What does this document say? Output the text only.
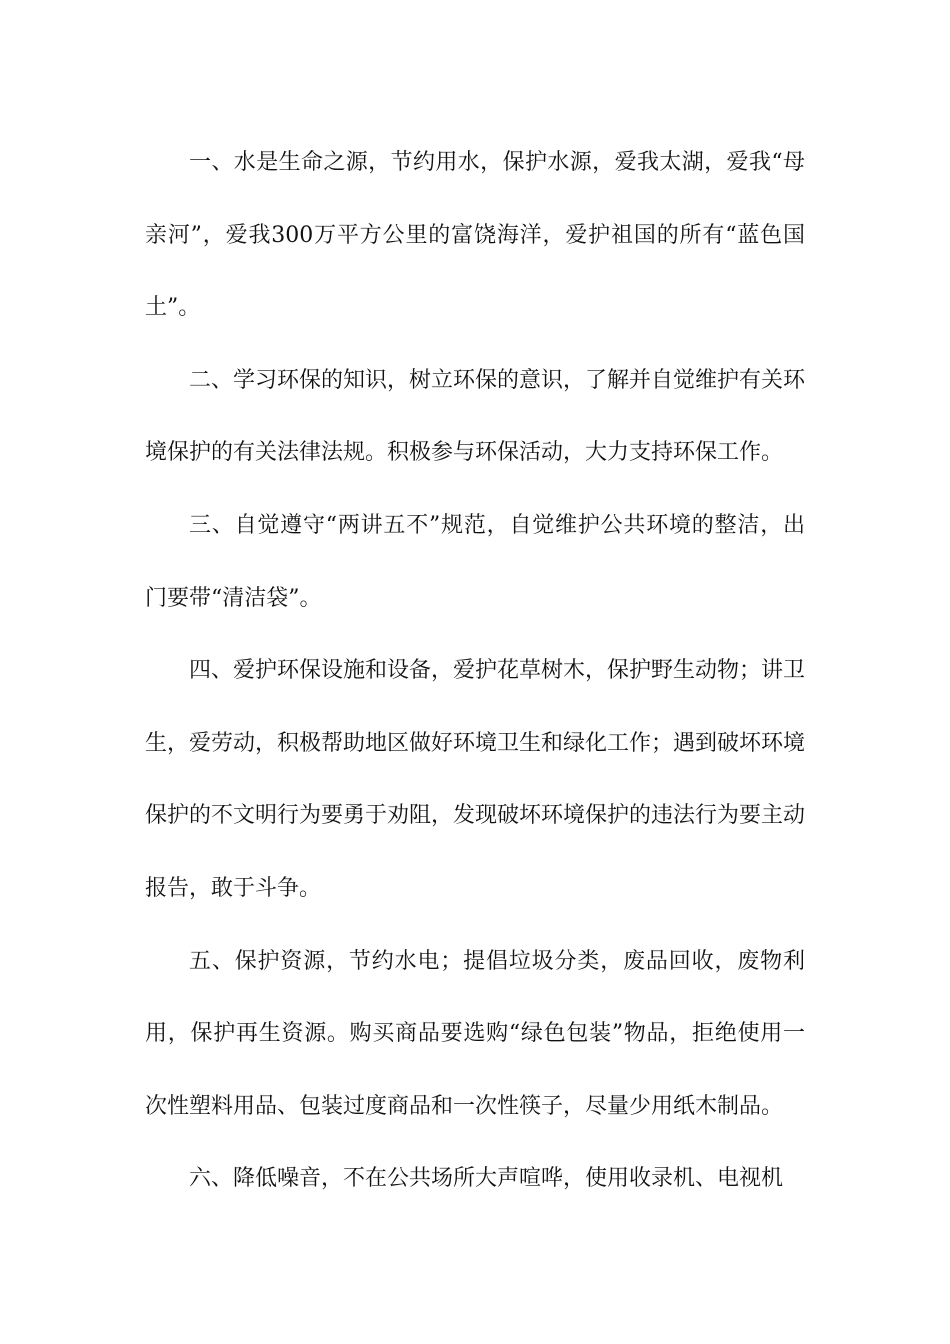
一、水是生命之源，节约用水，保护水源，爱我太湖，爱我“母亲河”，爱我300万平方公里的富饶海洋，爱护祖国的所有“蓝色国土”。

二、学习环保的知识，树立环保的意识，了解并自觉维护有关环境保护的有关法律法规。积极参与环保活动，大力支持环保工作。

三、自觉遵守“两讲五不”规范，自觉维护公共环境的整洁，出门要带“清洁袋”。

四、爱护环保设施和设备，爱护花草树木，保护野生动物；讲卫生，爱劳动，积极帮助地区做好环境卫生和绿化工作；遇到破坏环境保护的不文明行为要勇于劝阻，发现破坏环境保护的违法行为要主动报告，敢于斗争。

五、保护资源，节约水电；提倡垃圾分类，废品回收，废物利用，保护再生资源。购买商品要选购“绿色包装”物品，拒绝使用一次性塑料用品、包装过度商品和一次性筷子，尽量少用纸木制品。

六、降低噪音，不在公共场所大声喧哗，使用收录机、电视机
